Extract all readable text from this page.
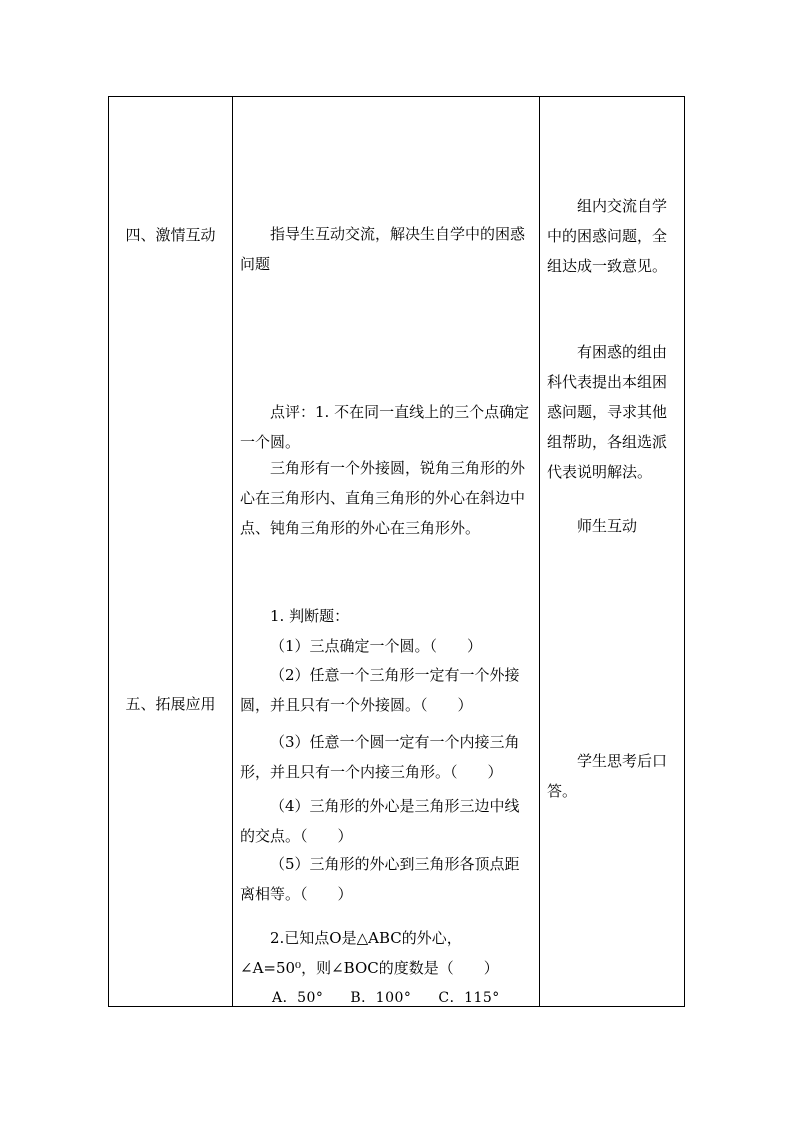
四、激情互动	指导生互动交流，解决生自学中的困惑问题

组内交流自学中的困惑问题，全组达成一致意见。

点评：1. 不在同一直线上的三个点确定一个圆。

三角形有一个外接圆，锐角三角形的外心在三角形内、直角三角形的外心在斜边中点、钝角三角形的外心在三角形外。

有困惑的组由科代表提出本组困惑问题，寻求其他组帮助，各组选派代表说明解法。

师生互动

五、拓展应用

1. 判断题：

（1）三点确定一个圆。（　　）

（2）任意一个三角形一定有一个外接圆，并且只有一个外接圆。（　　）

（3）任意一个圆一定有一个内接三角形，并且只有一个内接三角形。（　　）

（4）三角形的外心是三角形三边中线的交点。（　　）

（5）三角形的外心到三角形各顶点距离相等。（　　）

2.已知点O是△ABC的外心，∠A=50⁰，则∠BOC的度数是（　　）

A．50° B．100° C．115°

学生思考后口答。
